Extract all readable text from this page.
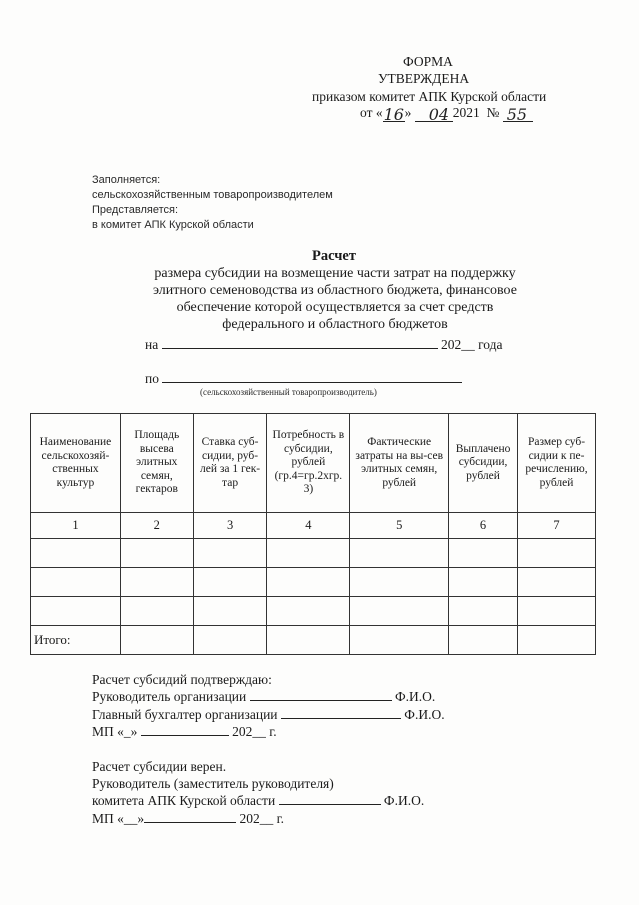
ФОРМА
УТВЕРЖДЕНА
приказом комитет АПК Курской области
от « 16 » 04 2021 № 55

Заполняется:
сельскохозяйственным товаропроизводителем
Представляется:
в комитет АПК Курской области
Расчет
размера субсидии на возмещение части затрат на поддержку
элитного семеноводства из областного бюджета, финансовое
обеспечение которой осуществляется за счет средств
федерального и областного бюджетов
на	202__ года
по
(сельскохозяйственный товаропроизводитель)
Наименование сельскохозяй-ственных культур	Площадь высева элитных семян, гектаров	Ставка суб-сидии, руб-лей за 1 гек-тар	Потребность в субсидии, рублей (гр.4=гр.2хгр. 3)	Фактические затраты на вы-сев элитных семян, рублей	Выплачено субсидии, рублей	Размер суб-сидии к пе-речислению, рублей
1	2	3	4	5	6	7

Итого:						
Расчет субсидий подтверждаю:
Руководитель организации	Ф.И.О.
Главный бухгалтер организации	Ф.И.О.
МП «_»	202__ г.
Расчет субсидии верен.
Руководитель (заместитель руководителя)
комитета АПК Курской области	Ф.И.О.
МП «__»	202__ г.
